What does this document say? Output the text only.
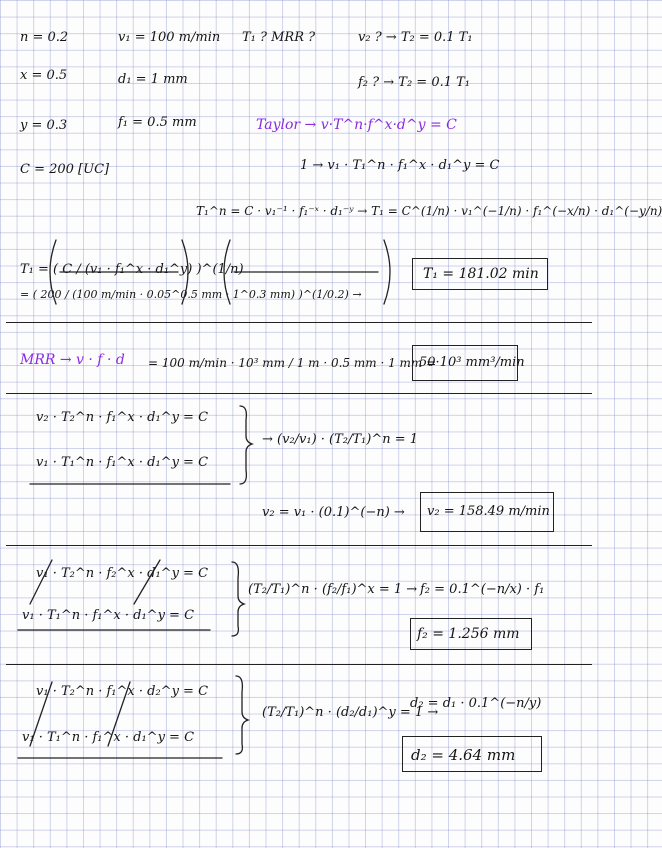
n = 0.2
x = 0.5
y = 0.3
C = 200 [UC]
v₁ = 100 m/min
d₁ = 1 mm
f₁ = 0.5 mm
T₁ ? MRR ?	v₂ ? → T₂ = 0.1 T₁
f₂ ? → T₂ = 0.1 T₁
Taylor → v·T^n·f^x·d^y = C
1 → v₁ · T₁^n · f₁^x · d₁^y = C
T₁^n = C · v₁⁻¹ · f₁⁻ˣ · d₁⁻ʸ → T₁ = C^(1/n) · v₁^(−1/n) · f₁^(−x/n) · d₁^(−y/n)
T₁ = ( C / (v₁ · f₁^x · d₁^y) )^(1/n)
= ( 200 / (100 m/min · 0.05^0.5 mm · 1^0.3 mm) )^(1/0.2) →
T₁ = 181.02 min
MRR → v · f · d = 100 m/min · 10³ mm / 1 m · 0.5 mm · 1 mm =
50·10³ mm³/min
v₂ · T₂^n · f₁^x · d₁^y = C
v₁ · T₁^n · f₁^x · d₁^y = C
→ (v₂/v₁) · (T₂/T₁)^n = 1
v₂ = v₁ · (0.1)^(−n) → v₂ = 158.49 m/min
v₁ · T₂^n · f₂^x · d₁^y = C
v₁ · T₁^n · f₁^x · d₁^y = C
(T₂/T₁)^n · (f₂/f₁)^x = 1 → f₂ = 0.1^(−n/x) · f₁
f₂ = 1.256 mm
v₁ · T₂^n · f₁^x · d₂^y = C
v₁ · T₁^n · f₁^x · d₁^y = C
(T₂/T₁)^n · (d₂/d₁)^y = 1 →
d₂ = d₁ · 0.1^(−n/y)
d₂ = 4.64 mm
